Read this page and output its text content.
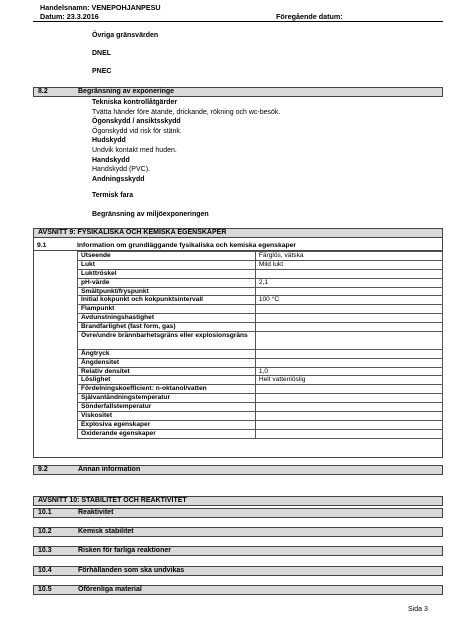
Handelsnamn: VENEPOHJANPESU
Datum: 23.3.2016	Föregående datum:
Övriga gränsvärden
DNEL
PNEC
8.2	Begränsning av exponeringe
Tekniska kontrollåtgärder
Tvätta händer före ätande, drickande, rökning och wc-besök.
Ögonskydd / ansiktsskydd
Ögonskydd vid risk för stänk.
Hudskydd
Undvik kontakt med huden.
Handskydd
Handskydd (PVC).
Andningsskydd
Termisk fara
Begränsning av miljöexponeringen
AVSNITT 9: FYSIKALISKA OCH KEMISKA EGENSKAPER
9.1	Information om grundläggande fysikaliska och kemiska egenskaper
Utseende	Färglös, vätska
Lukt	Mild lukt
Lukttröskel	
pH-värde	2,1
Smältpunkt/fryspunkt	
Initial kokpunkt och kokpunktsintervall	100 °C
Flampunkt	
Avdunstningshastighet	
Brandfarlighet (fast form, gas)	
Övre/undre brännbarhetsgräns eller explosionsgräns	
Ångtryck	
Ångdensitet	
Relativ densitet	1,0
Löslighet	Helt vattenlöslig
Fördelningskoefficient: n-oktanol/vatten	
Självantändningstemperatur	
Sönderfallstemperatur	
Viskositet	
Explosiva egenskaper	
Oxiderande egenskaper	
9.2	Annan information
AVSNITT 10: STABILITET OCH REAKTIVITET
10.1	Reaktivitet
10.2	Kemisk stabilitet
10.3	Risken för farliga reaktioner
10.4	Förhållanden som ska undvikas
10.5	Oförenliga material
Sida 3
